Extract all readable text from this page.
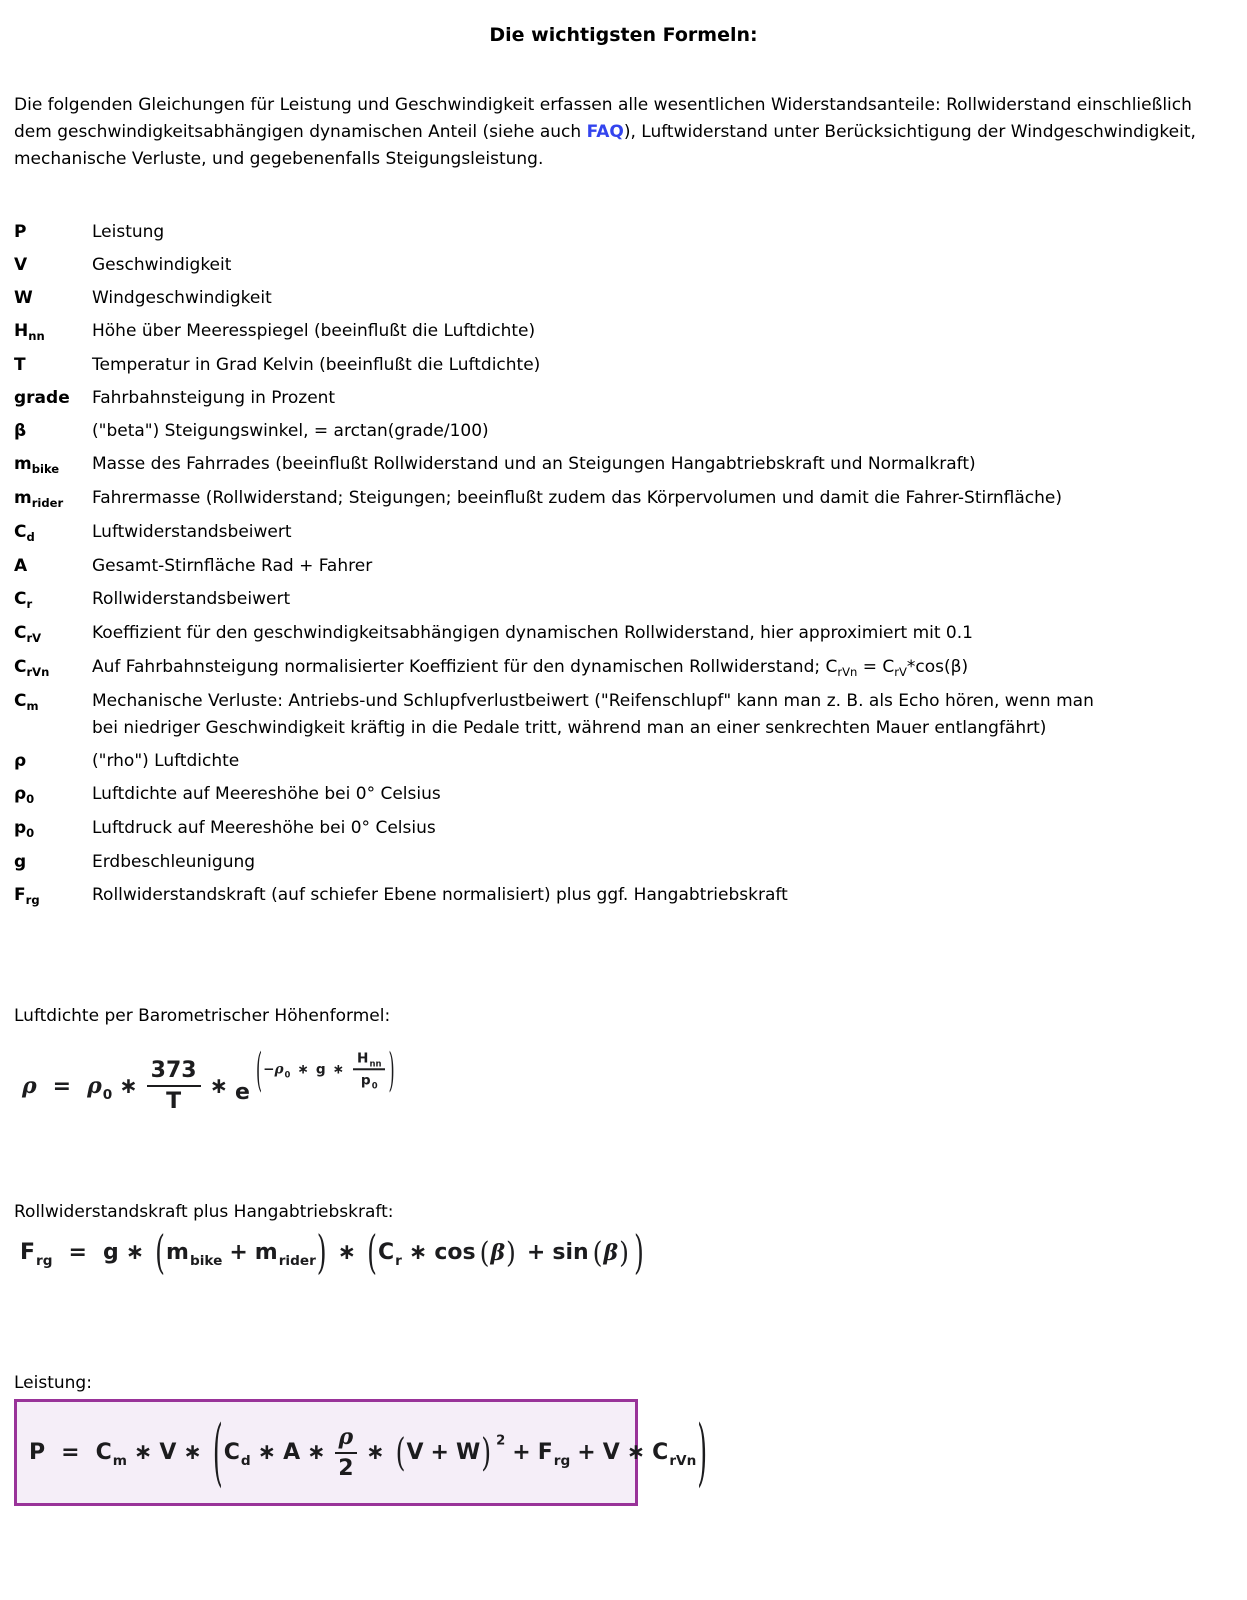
Die wichtigsten Formeln:

Die folgenden Gleichungen für Leistung und Geschwindigkeit erfassen alle wesentlichen Widerstandsanteile: Rollwiderstand einschließlich dem geschwindigkeitsabhängigen dynamischen Anteil (siehe auch FAQ), Luftwiderstand unter Berücksichtigung der Windgeschwindigkeit, mechanische Verluste, und gegebenenfalls Steigungsleistung.

P	Leistung
V	Geschwindigkeit
W	Windgeschwindigkeit
$H_{nn}$	Höhe über Meeresspiegel (beeinflußt die Luftdichte)
T	Temperatur in Grad Kelvin (beeinflußt die Luftdichte)
grade	Fahrbahnsteigung in Prozent
β	("beta") Steigungswinkel, = arctan(grade/100)
$m_{bike}$	Masse des Fahrrades (beeinflußt Rollwiderstand und an Steigungen Hangabtriebskraft und Normalkraft)
$m_{rider}$	Fahrermasse (Rollwiderstand; Steigungen; beeinflußt zudem das Körpervolumen und damit die Fahrer-Stirnfläche)
$C_d$	Luftwiderstandsbeiwert
A	Gesamt-Stirnfläche Rad + Fahrer
$C_r$	Rollwiderstandsbeiwert
$C_{rV}$	Koeffizient für den geschwindigkeitsabhängigen dynamischen Rollwiderstand, hier approximiert mit 0.1
$C_{rVn}$	Auf Fahrbahnsteigung normalisierter Koeffizient für den dynamischen Rollwiderstand; $C_{rVn} = C_{rV}*\cos(\beta)$
$C_m$	Mechanische Verluste: Antriebs-und Schlupfverlustbeiwert ("Reifenschlupf" kann man z. B. als Echo hören, wenn man bei niedriger Geschwindigkeit kräftig in die Pedale tritt, während man an einer senkrechten Mauer entlangfährt)
ρ	("rho") Luftdichte
$\rho_0$	Luftdichte auf Meereshöhe bei 0° Celsius
$p_0$	Luftdruck auf Meereshöhe bei 0° Celsius
g	Erdbeschleunigung
$F_{rg}$	Rollwiderstandskraft (auf schiefer Ebene normalisiert) plus ggf. Hangabtriebskraft

Luftdichte per Barometrischer Höhenformel:

ρ = ρ 0 ∗ $\frac{373}{T}$ ∗ e ( − ρ 0 ∗ g ∗ $\frac{\text{H nn}}{p 0}$ )

Rollwiderstandskraft plus Hangabtriebskraft:

F rg = g ∗ ( m bike + m rider ) ∗ ( C r ∗ cos ( β ) + sin ( β ) )

Leistung:

P = C m ∗ V ∗ ( C d ∗ A ∗ $\frac{\rho}{2}$ ∗ ( V + W ) 2 + F rg + V ∗ C rVn )
